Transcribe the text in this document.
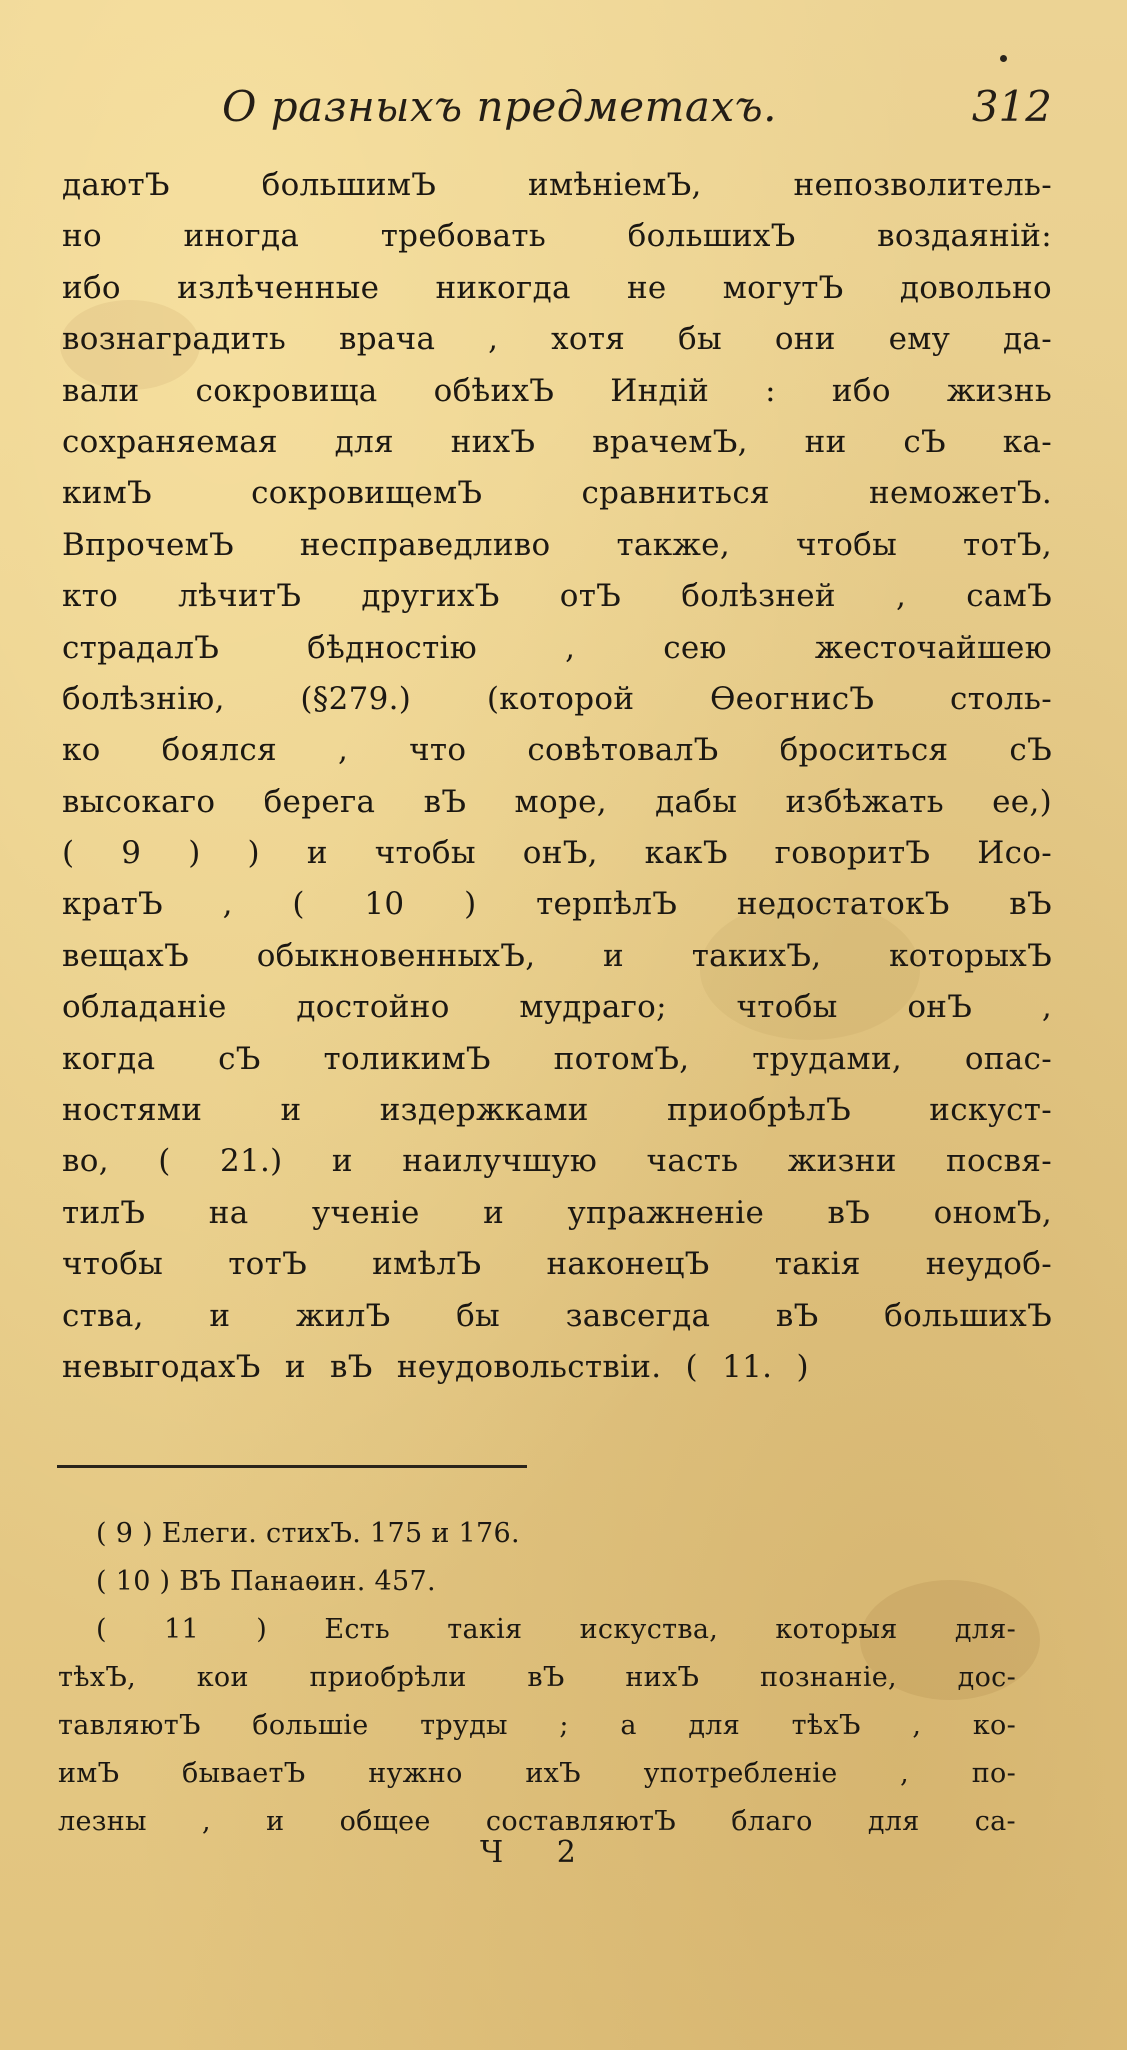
О разныхъ предметахъ.	312
даютЪ большимЪ имѣніемЪ, непозволитель-
но иногда требовать большихЪ воздаяній:
ибо излѣченные никогда не могутЪ довольно
вознаградить врача , хотя бы они ему да-
вали сокровища обѣихЪ Индій : ибо жизнь
сохраняемая для нихЪ врачемЪ, ни сЪ ка-
кимЪ сокровищемЪ сравниться неможетЪ.
ВпрочемЪ несправедливо также, чтобы тотЪ,
кто лѣчитЪ другихЪ отЪ болѣзней , самЪ
страдалЪ бѣдностію , сею жесточайшею
болѣзнію, (§279.) (которой ѲеогнисЪ столь-
ко боялся , что совѣтовалЪ броситься сЪ
высокаго берега вЪ море, дабы избѣжать ее,)
( 9 ) ) и чтобы онЪ, какЪ говоритЪ Исо-
кратЪ , ( 10 ) терпѣлЪ недостатокЪ вЪ
вещахЪ обыкновенныхЪ, и такихЪ, которыхЪ
обладаніе достойно мудраго; чтобы онЪ ,
когда сЪ толикимЪ потомЪ, трудами, опас-
ностями и издержками приобрѣлЪ искуст-
во, ( 21.) и наилучшую часть жизни посвя-
тилЪ на ученіе и упражненіе вЪ ономЪ,
чтобы тотЪ имѣлЪ наконецЪ такія неудоб-
ства, и жилЪ бы завсегда вЪ большихЪ
невыгодахЪ и вЪ неудовольствіи. ( 11. )
( 9 ) Елеги. стихЪ. 175 и 176.
( 10 ) ВЪ Панаѳин. 457.
( 11 ) Есть такія искуства, которыя для-
тѣхЪ, кои приобрѣли вЪ нихЪ познаніе, дос-
тавляютЪ большіе труды ; а для тѣхЪ , ко-
имЪ бываетЪ нужно ихЪ употребленіе , по-
лезны , и общее составляютЪ благо для са-
Ч 2
